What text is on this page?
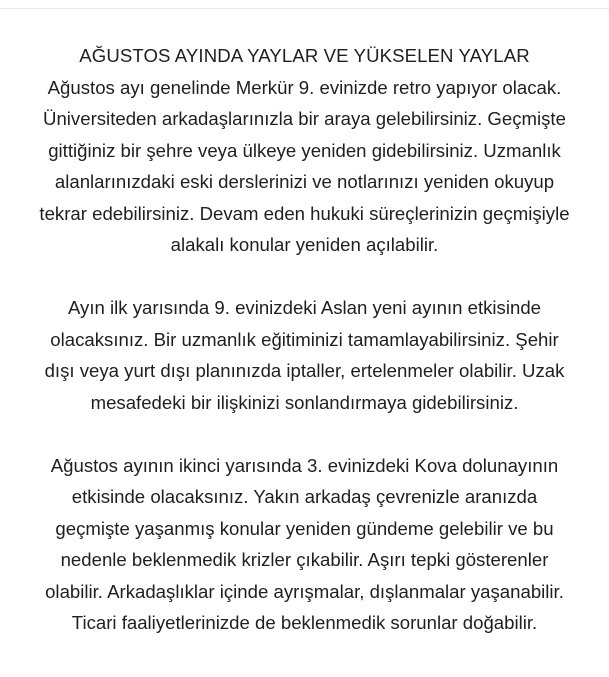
AĞUSTOS AYINDA YAYLAR VE YÜKSELEN YAYLAR

Ağustos ayı genelinde Merkür 9. evinizde retro yapıyor olacak.

Üniversiteden arkadaşlarınızla bir araya gelebilirsiniz. Geçmişte

gittiğiniz bir şehre veya ülkeye yeniden gidebilirsiniz. Uzmanlık

alanlarınızdaki eski derslerinizi ve notlarınızı yeniden okuyup

tekrar edebilirsiniz. Devam eden hukuki süreçlerinizin geçmişiyle

alakalı konular yeniden açılabilir.

Ayın ilk yarısında 9. evinizdeki Aslan yeni ayının etkisinde

olacaksınız. Bir uzmanlık eğitiminizi tamamlayabilirsiniz. Şehir

dışı veya yurt dışı planınızda iptaller, ertelenmeler olabilir. Uzak

mesafedeki bir ilişkinizi sonlandırmaya gidebilirsiniz.

Ağustos ayının ikinci yarısında 3. evinizdeki Kova dolunayının

etkisinde olacaksınız. Yakın arkadaş çevrenizle aranızda

geçmişte yaşanmış konular yeniden gündeme gelebilir ve bu

nedenle beklenmedik krizler çıkabilir. Aşırı tepki gösterenler

olabilir. Arkadaşlıklar içinde ayrışmalar, dışlanmalar yaşanabilir.

Ticari faaliyetlerinizde de beklenmedik sorunlar doğabilir.
